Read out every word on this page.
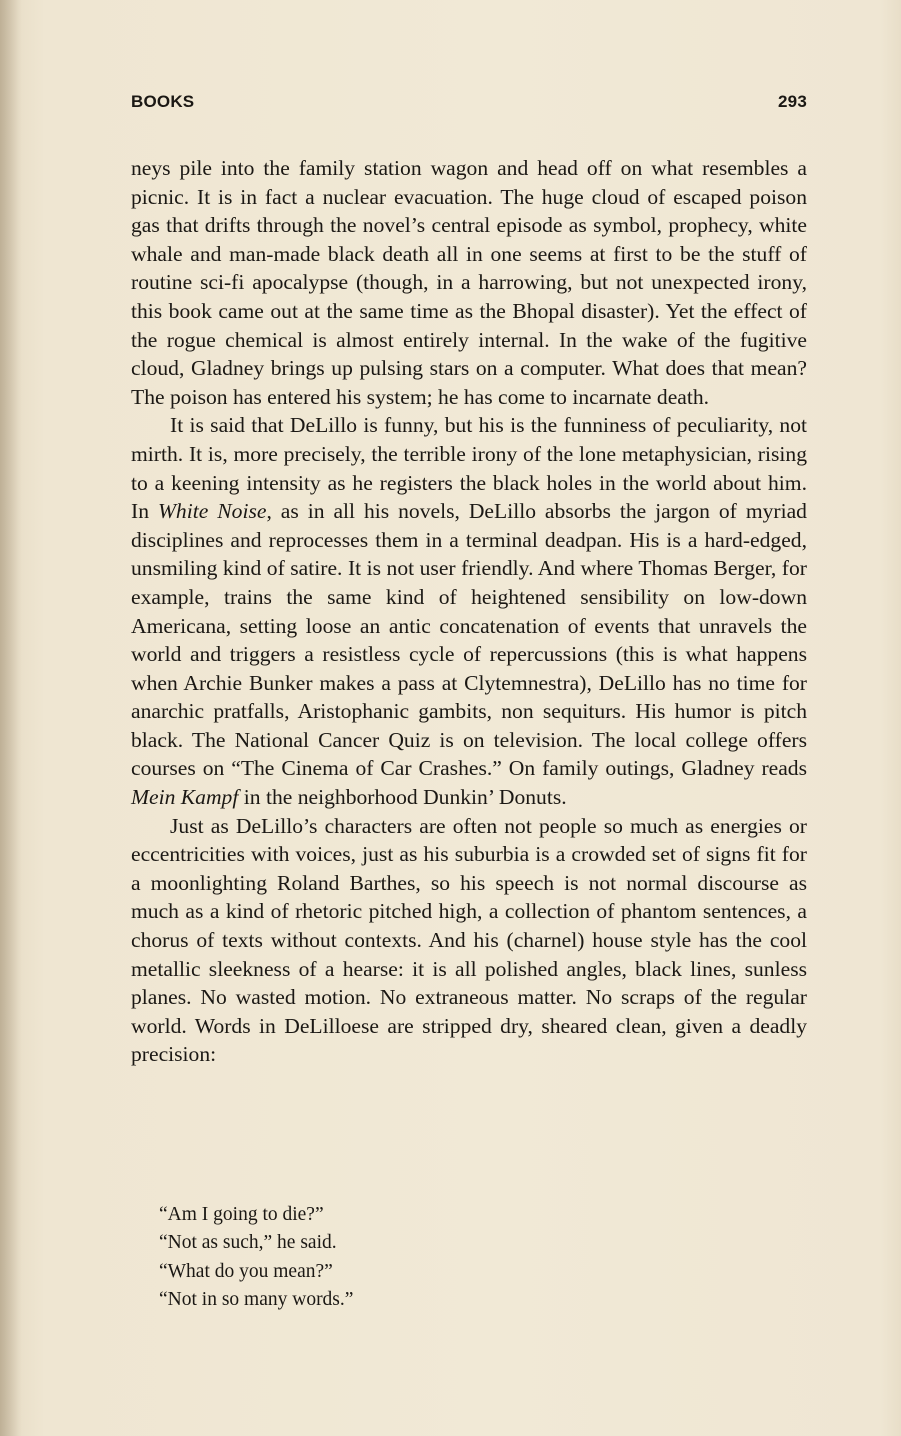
BOOKS	293

neys pile into the family station wagon and head off on what resembles a picnic. It is in fact a nuclear evacuation. The huge cloud of escaped poison gas that drifts through the novel’s central episode as symbol, prophecy, white whale and man-made black death all in one seems at first to be the stuff of routine sci-fi apocalypse (though, in a harrowing, but not unexpected irony, this book came out at the same time as the Bhopal disaster). Yet the effect of the rogue chemical is almost entirely internal. In the wake of the fugitive cloud, Gladney brings up pulsing stars on a computer. What does that mean? The poison has entered his system; he has come to incarnate death.

It is said that DeLillo is funny, but his is the funniness of peculiarity, not mirth. It is, more precisely, the terrible irony of the lone metaphysician, rising to a keening intensity as he registers the black holes in the world about him. In White Noise, as in all his novels, DeLillo absorbs the jargon of myriad disciplines and reprocesses them in a terminal deadpan. His is a hard-edged, unsmiling kind of satire. It is not user friendly. And where Thomas Berger, for example, trains the same kind of heightened sensibility on low-down Americana, setting loose an antic concatenation of events that unravels the world and triggers a resistless cycle of repercussions (this is what happens when Archie Bunker makes a pass at Clytemnestra), DeLillo has no time for anarchic pratfalls, Aristophanic gambits, non sequiturs. His humor is pitch black. The National Cancer Quiz is on television. The local college offers courses on “The Cinema of Car Crashes.” On family outings, Gladney reads Mein Kampf in the neighborhood Dunkin’ Donuts.

Just as DeLillo’s characters are often not people so much as energies or eccentricities with voices, just as his suburbia is a crowded set of signs fit for a moonlighting Roland Barthes, so his speech is not normal discourse as much as a kind of rhetoric pitched high, a collection of phantom sentences, a chorus of texts without contexts. And his (charnel) house style has the cool metallic sleekness of a hearse: it is all polished angles, black lines, sunless planes. No wasted motion. No extraneous matter. No scraps of the regular world. Words in DeLilloese are stripped dry, sheared clean, given a deadly precision:

“Am I going to die?”

“Not as such,” he said.

“What do you mean?”

“Not in so many words.”
